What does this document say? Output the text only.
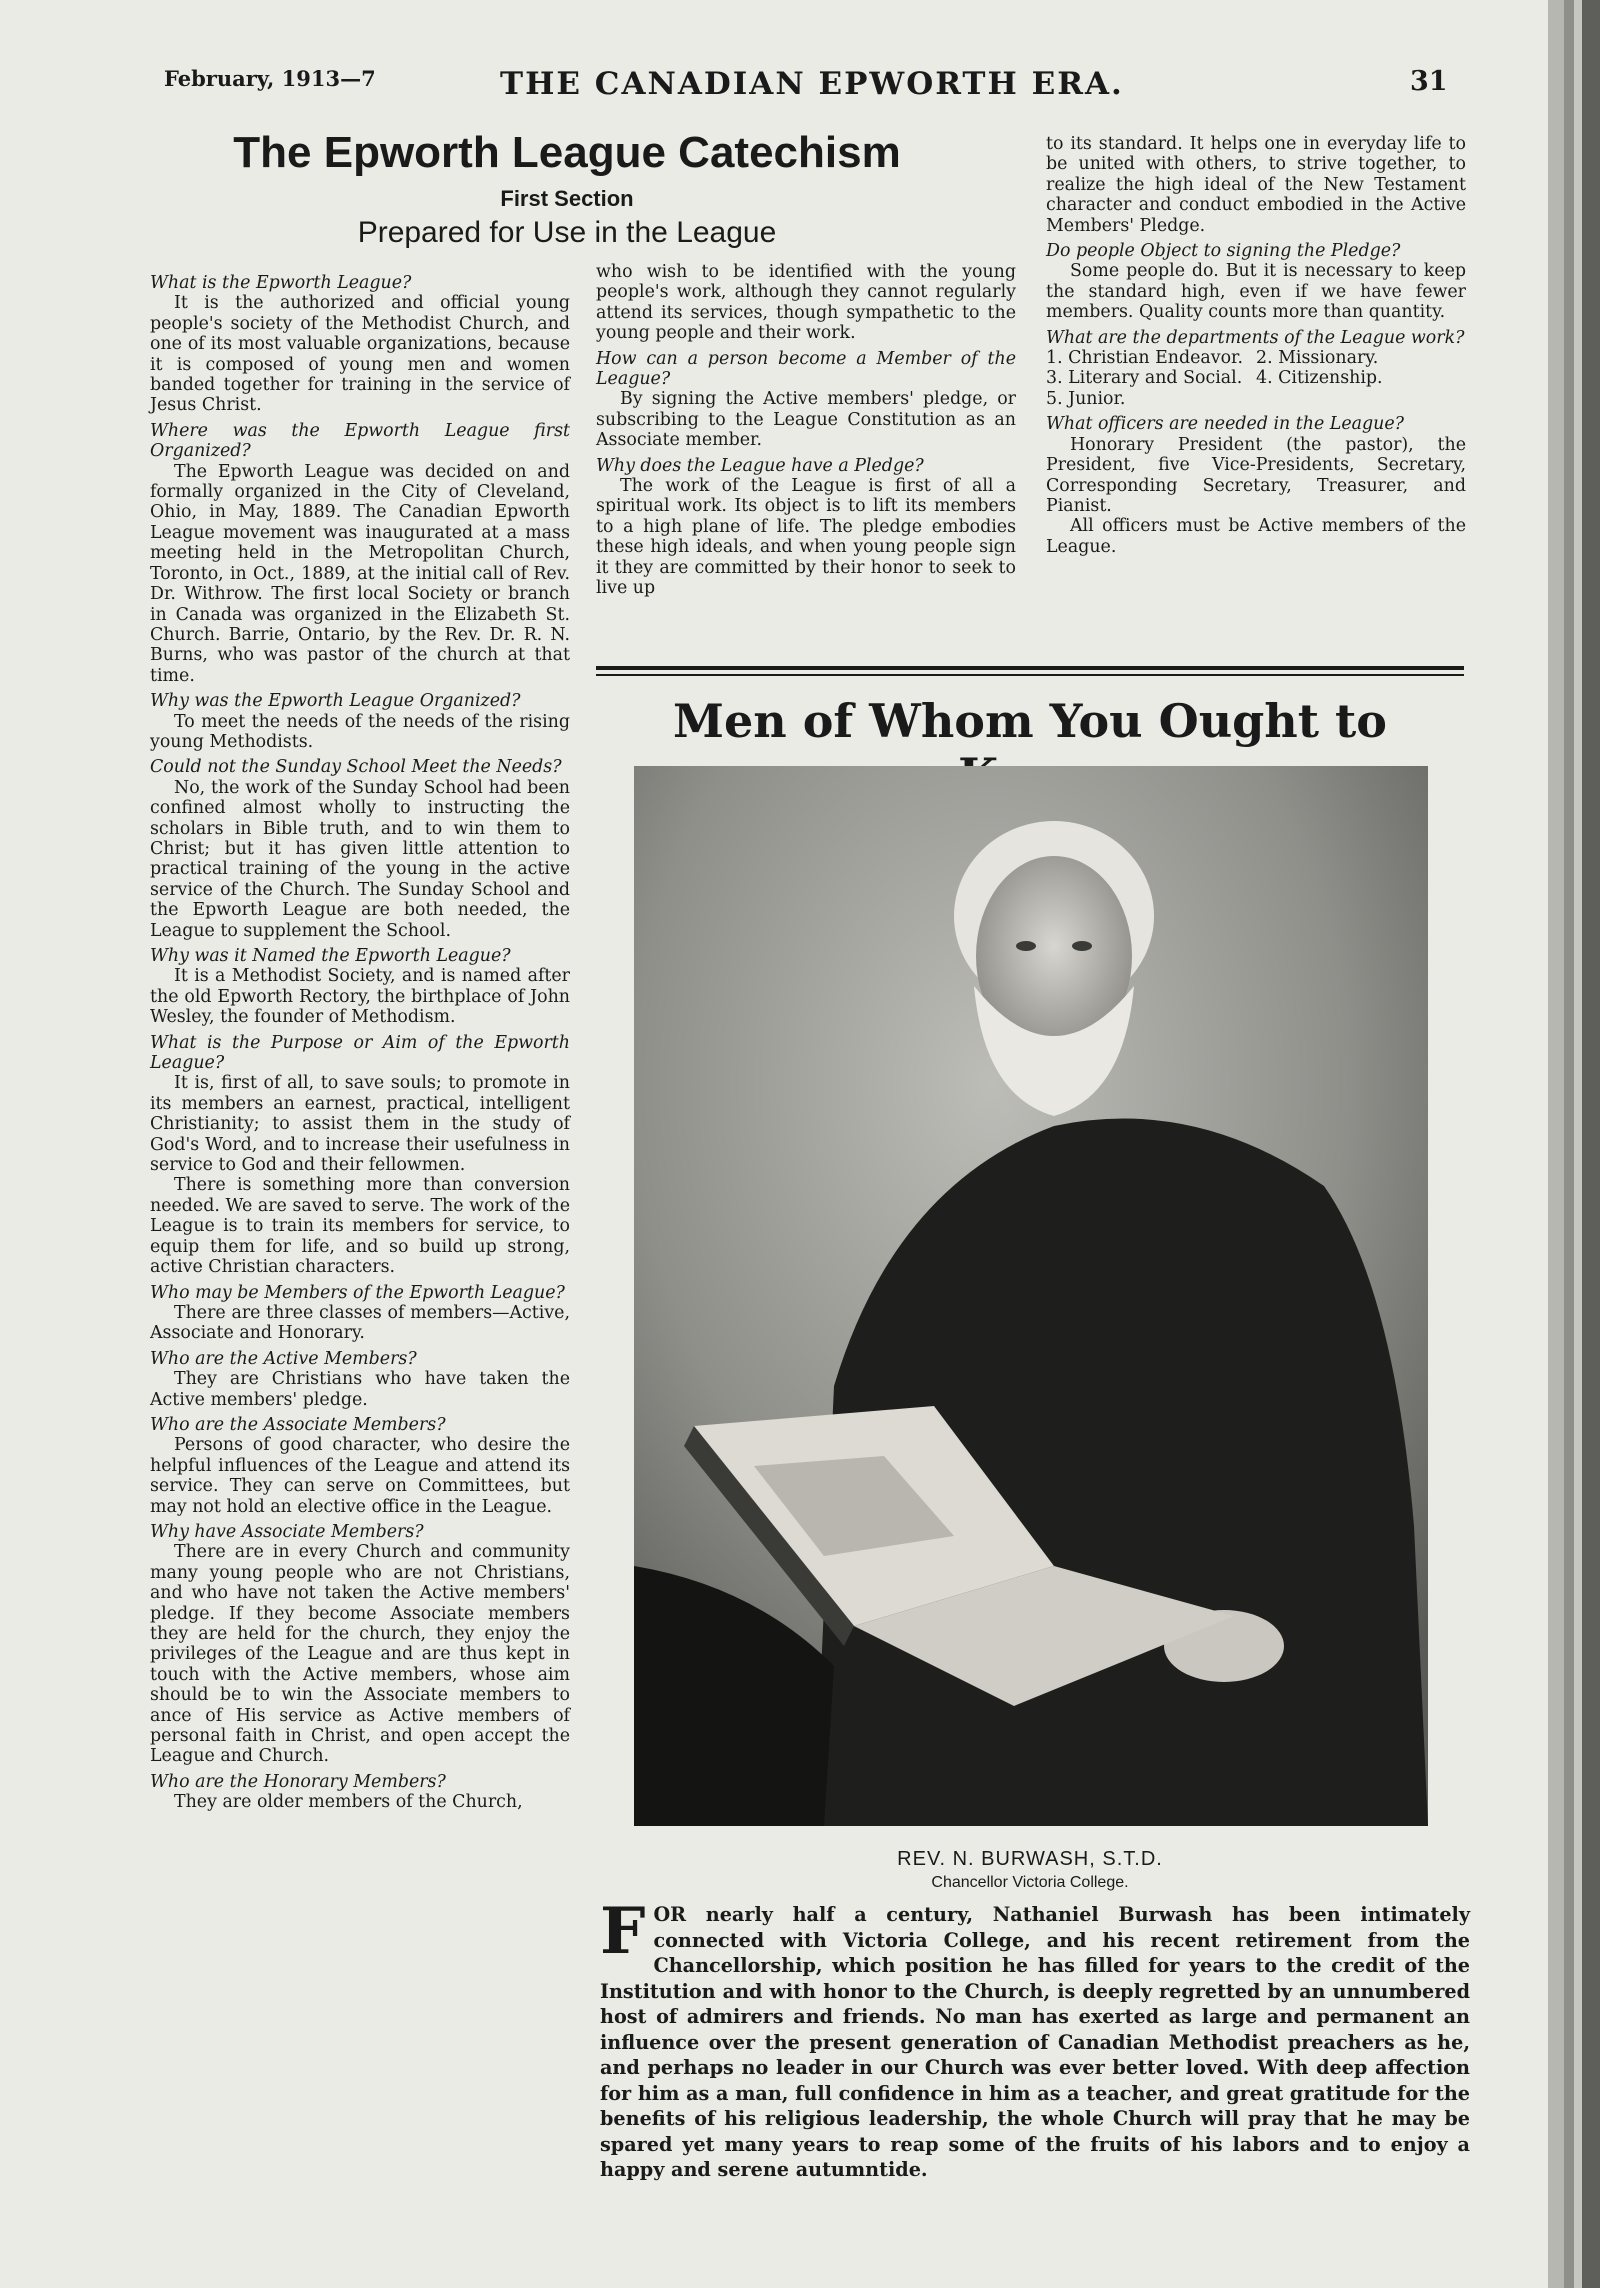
February, 1913—7	THE CANADIAN EPWORTH ERA.	31
The Epworth League Catechism
First Section
Prepared for Use in the League

What is the Epworth League?

It is the authorized and official young people's society of the Methodist Church, and one of its most valuable organizations, because it is composed of young men and women banded together for training in the service of Jesus Christ.

Where was the Epworth League first Organized?

The Epworth League was decided on and formally organized in the City of Cleveland, Ohio, in May, 1889. The Canadian Epworth League movement was inaugurated at a mass meeting held in the Metropolitan Church, Toronto, in Oct., 1889, at the initial call of Rev. Dr. Withrow. The first local Society or branch in Canada was organized in the Elizabeth St. Church. Barrie, Ontario, by the Rev. Dr. R. N. Burns, who was pastor of the church at that time.

Why was the Epworth League Organized?

To meet the needs of the needs of the rising young Methodists.

Could not the Sunday School Meet the Needs?

No, the work of the Sunday School had been confined almost wholly to instructing the scholars in Bible truth, and to win them to Christ; but it has given little attention to practical training of the young in the active service of the Church. The Sunday School and the Epworth League are both needed, the League to supplement the School.

Why was it Named the Epworth League?

It is a Methodist Society, and is named after the old Epworth Rectory, the birthplace of John Wesley, the founder of Methodism.

What is the Purpose or Aim of the Epworth League?

It is, first of all, to save souls; to promote in its members an earnest, practical, intelligent Christianity; to assist them in the study of God's Word, and to increase their usefulness in service to God and their fellowmen.

There is something more than conversion needed. We are saved to serve. The work of the League is to train its members for service, to equip them for life, and so build up strong, active Christian characters.

Who may be Members of the Epworth League?

There are three classes of members—Active, Associate and Honorary.

Who are the Active Members?

They are Christians who have taken the Active members' pledge.

Who are the Associate Members?

Persons of good character, who desire the helpful influences of the League and attend its service. They can serve on Committees, but may not hold an elective office in the League.

Why have Associate Members?

There are in every Church and community many young people who are not Christians, and who have not taken the Active members' pledge. If they become Associate members they are held for the church, they enjoy the privileges of the League and are thus kept in touch with the Active members, whose aim should be to win the Associate members to ance of His service as Active members of personal faith in Christ, and open accept the League and Church.

Who are the Honorary Members?

They are older members of the Church,

who wish to be identified with the young people's work, although they cannot regularly attend its services, though sympathetic to the young people and their work.

How can a person become a Member of the League?

By signing the Active members' pledge, or subscribing to the League Constitution as an Associate member.

Why does the League have a Pledge?

The work of the League is first of all a spiritual work. Its object is to lift its members to a high plane of life. The pledge embodies these high ideals, and when young people sign it they are committed by their honor to seek to live up

to its standard. It helps one in everyday life to be united with others, to strive together, to realize the high ideal of the New Testament character and conduct embodied in the Active Members' Pledge.

Do people Object to signing the Pledge?

Some people do. But it is necessary to keep the standard high, even if we have fewer members. Quality counts more than quantity.

What are the departments of the League work?

1. Christian Endeavor. 2. Missionary.
3. Literary and Social. 4. Citizenship.
5. Junior.

What officers are needed in the League?

Honorary President (the pastor), the President, five Vice-Presidents, Secretary, Corresponding Secretary, Treasurer, and Pianist.

All officers must be Active members of the League.

Men of Whom You Ought to
REV. N. BURWASH, S.T.D.
Chancellor Victoria College.
FOR nearly half a century, Nathaniel Burwash has been intimately connected with Victoria College, and his recent retirement from the Chancellorship, which position he has filled for years to the credit of the Institution and with honor to the Church, is deeply regretted by an unnumbered host of admirers and friends. No man has exerted as large and permanent an influence over the present generation of Canadian Methodist preachers as he, and perhaps no leader in our Church was ever better loved. With deep affection for him as a man, full confidence in him as a teacher, and great gratitude for the benefits of his religious leadership, the whole Church will pray that he may be spared yet many years to reap some of the fruits of his labors and to enjoy a happy and serene autumntide.
